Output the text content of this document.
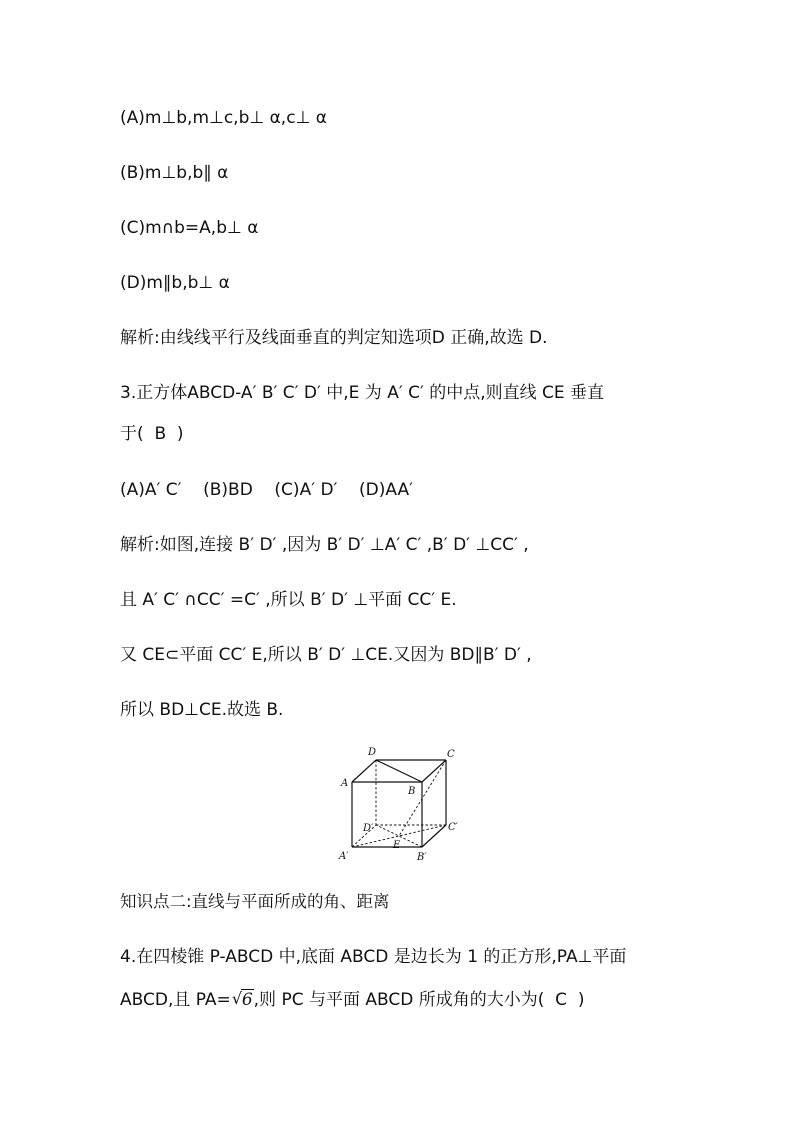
(A)m⊥b,m⊥c,b⊥ α,c⊥ α
(B)m⊥b,b∥ α
(C)m∩b=A,b⊥ α
(D)m∥b,b⊥ α
解析:由线线平行及线面垂直的判定知选项D 正确,故选 D.
3.正方体ABCD-A′ B′ C′ D′ 中,E 为 A′ C′ 的中点,则直线 CE 垂直
于(  B  )
(A)A′ C′    (B)BD    (C)A′ D′    (D)AA′
解析:如图,连接 B′ D′ ,因为 B′ D′ ⊥A′ C′ ,B′ D′ ⊥CC′ ,
且 A′ C′ ∩CC′ =C′ ,所以 B′ D′ ⊥平面 CC′ E.
又 CE⊂平面 CC′ E,所以 B′ D′ ⊥CE.又因为 BD∥B′ D′ ,
所以 BD⊥CE.故选 B.
D	C
A
B
D′	C′
A′	B′
E
知识点二:直线与平面所成的角、距离
4.在四棱锥 P-ABCD 中,底面 ABCD 是边长为 1 的正方形,PA⊥平面
ABCD,且 PA= √ 6,则 PC 与平面 ABCD 所成角的大小为(  C  )
